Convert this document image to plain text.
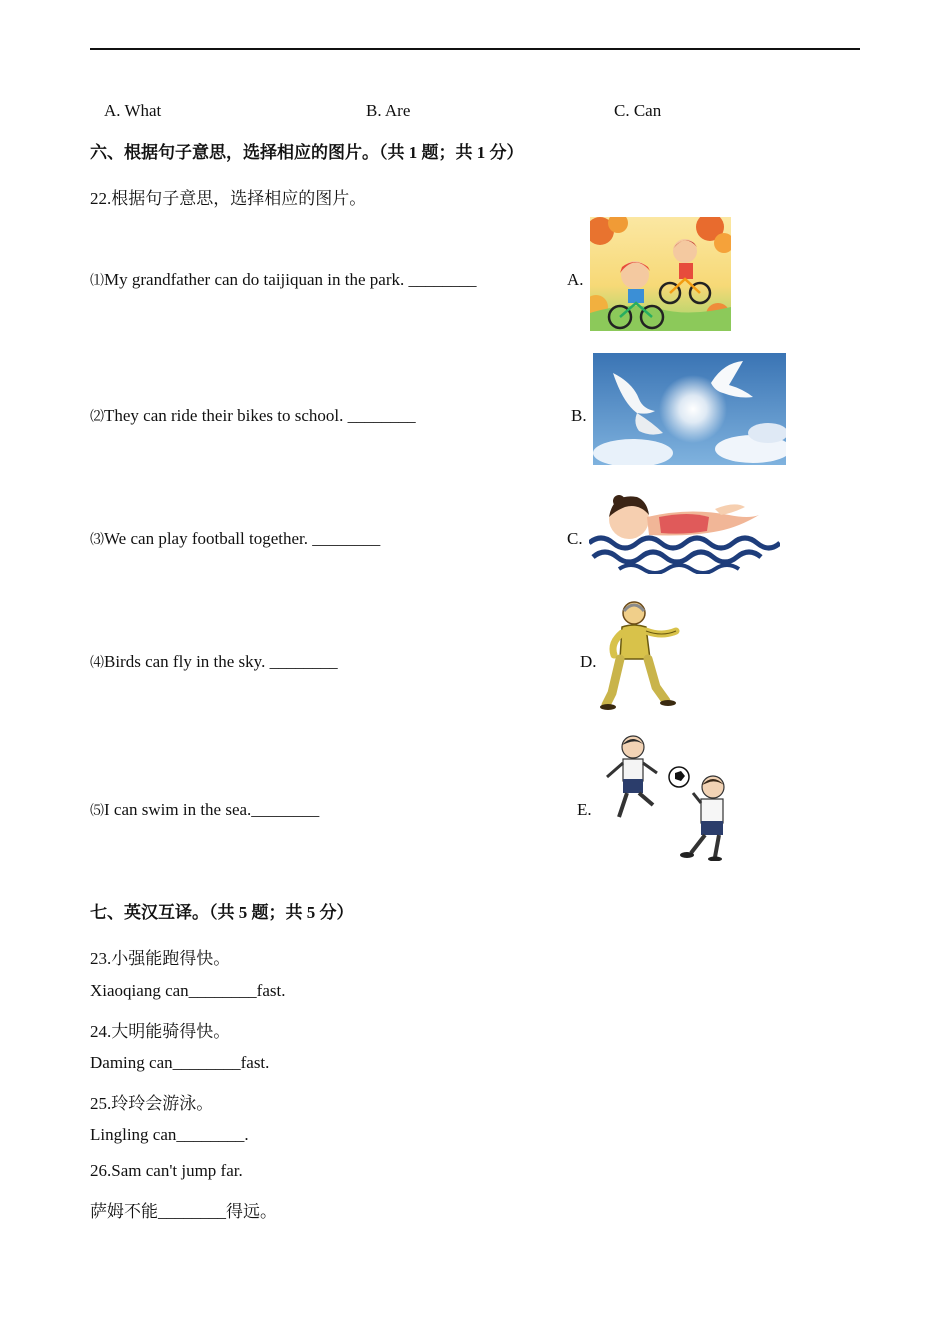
A. What	B. Are	C. Can
六、根据句子意思，选择相应的图片。（共 1 题；共 1 分）
22.根据句子意思，选择相应的图片。
⑴My grandfather can do taijiquan in the park. ________	A.
⑵They can ride their bikes to school. ________	B.
⑶We can play football together. ________	C.
⑷Birds can fly in the sky. ________	D.
⑸I can swim in the sea.________	E.
七、英汉互译。（共 5 题；共 5 分）
23.小强能跑得快。
Xiaoqiang can________fast.
24.大明能骑得快。
Daming can________fast.
25.玲玲会游泳。
Lingling can________.
26.Sam can't jump far.
萨姆不能________得远。
